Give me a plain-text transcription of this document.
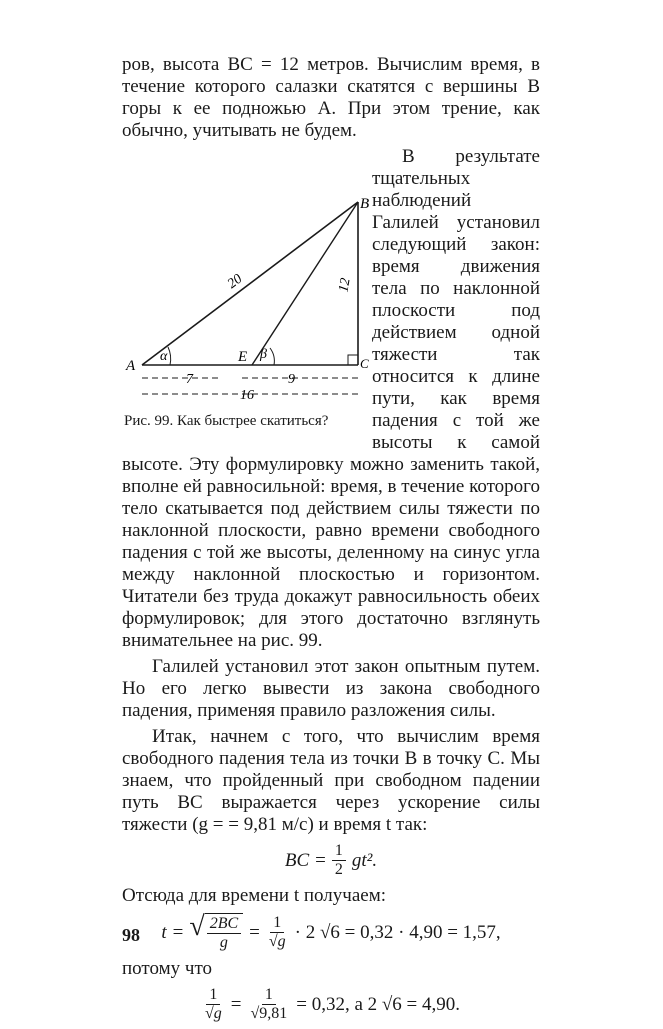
ров, высота BC = 12 метров. Вычислим время, в течение которого салазки скатятся с вершины B горы к ее подножью A. При этом трение, как обычно, учитывать не будем.

В результате тщательных наблюдений Галилей установил следующий закон: время движения тела по наклонной плоскости под действием одной тяжести так относится к длине пути, как время падения с той же высоты к самой высоте. Эту формулировку можно заменить такой, вполне ей равносильной: время, в течение которого тело скатывается под действием силы тяжести по наклонной плоскости, равно времени свободного падения с той же высоты, деленному на синус угла между наклонной плоскостью и горизонтом. Читатели без труда докажут равносильность обеих формулировок; для этого достаточно взглянуть внимательнее на рис. 99.

Галилей установил этот закон опытным путем. Но его легко вывести из закона свободного падения, применяя правило разложения силы.

Итак, начнем с того, что вычислим время свободного падения тела из точки B в точку C. Мы знаем, что пройденный при свободном падении путь BC выражается через ускорение силы тяжести (g = = 9,81 м/с) и время t так:

BC = $\frac{1}{2} gt^2$.

Отсюда для времени t получаем:

t = √ $\frac{2BC}{g} = \frac{1}{√g} \cdot 2$ √6 = 0,32 · 4,90 = 1,57,

потому что

$\frac{1}{√g} = \frac{1}{√9,81} = 0,32$, а 2 √6 = 4,90.
A
B
C
E
α	β
20	12
7	9
16
Рис. 99. Как быстрее скатиться?
98
